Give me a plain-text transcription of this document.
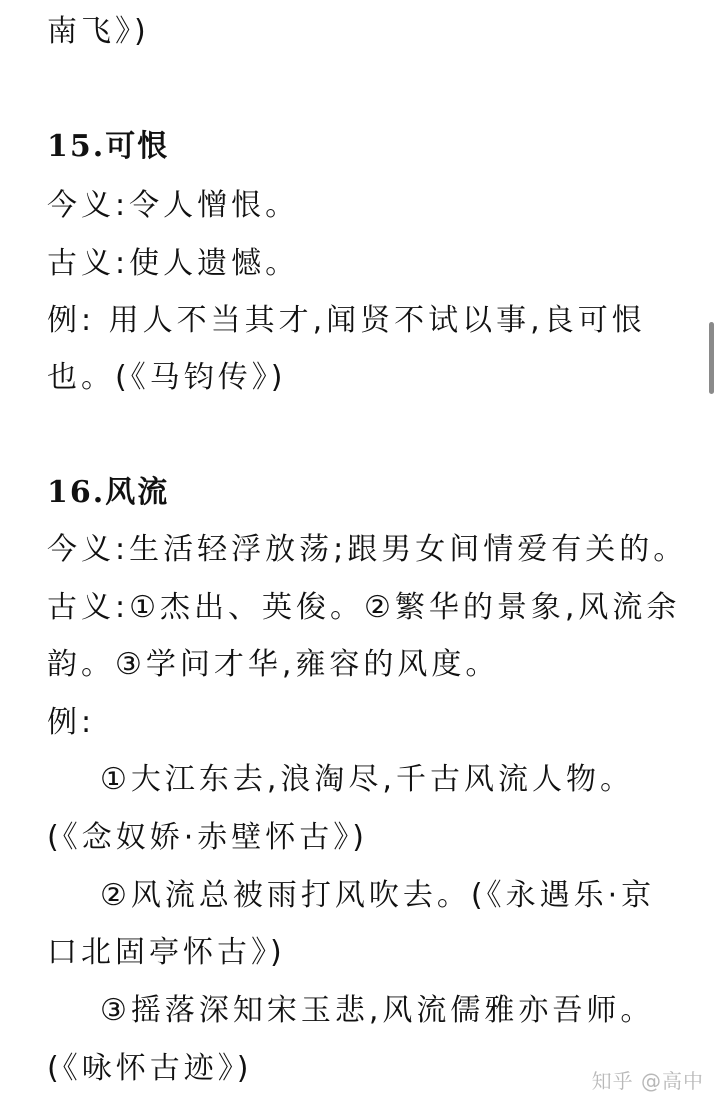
南飞》)
15.可恨
今义:令人憎恨。
古义:使人遗憾。
例: 用人不当其才,闻贤不试以事,良可恨
也。(《马钧传》)
16.风流
今义:生活轻浮放荡;跟男女间情爱有关的。
古义:①杰出、英俊。②繁华的景象,风流余
韵。③学问才华,雍容的风度。
例:
①大江东去,浪淘尽,千古风流人物。
(《念奴娇·赤壁怀古》)
②风流总被雨打风吹去。(《永遇乐·京
口北固亭怀古》)
③摇落深知宋玉悲,风流儒雅亦吾师。
(《咏怀古迹》)	知乎 @高中
